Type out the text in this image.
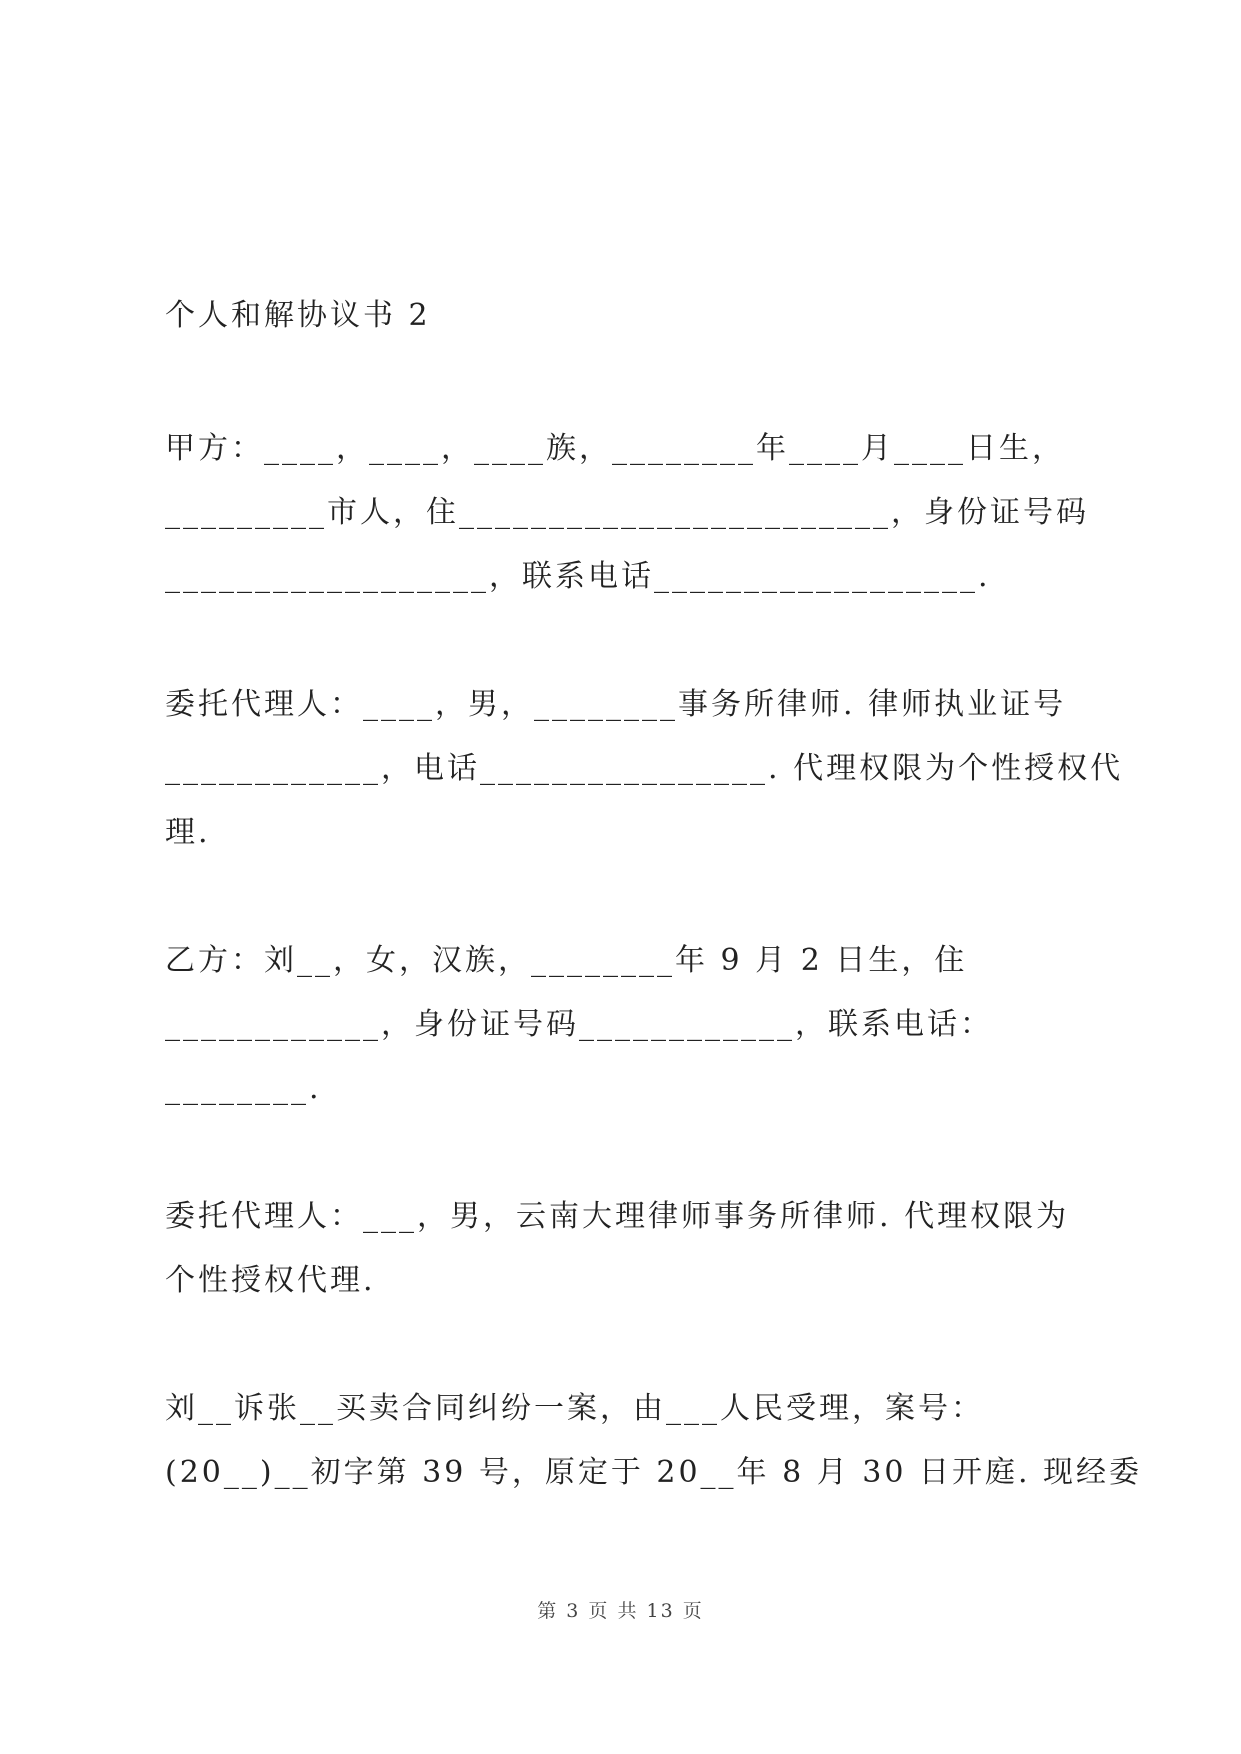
个人和解协议书 2
甲方：____，____，____族，________年____月____日生，
_________市人，住________________________，身份证号码
__________________，联系电话__________________.
委托代理人：____，男，________事务所律师. 律师执业证号
____________，电话________________. 代理权限为个性授权代
理.
乙方：刘__，女，汉族，________年 9 月 2 日生，住
____________，身份证号码____________，联系电话：
________.
委托代理人：___，男，云南大理律师事务所律师. 代理权限为
个性授权代理.
刘__诉张__买卖合同纠纷一案，由___人民受理，案号：
(20__)__初字第 39 号，原定于 20__年 8 月 30 日开庭. 现经委
第 3 页 共 13 页
